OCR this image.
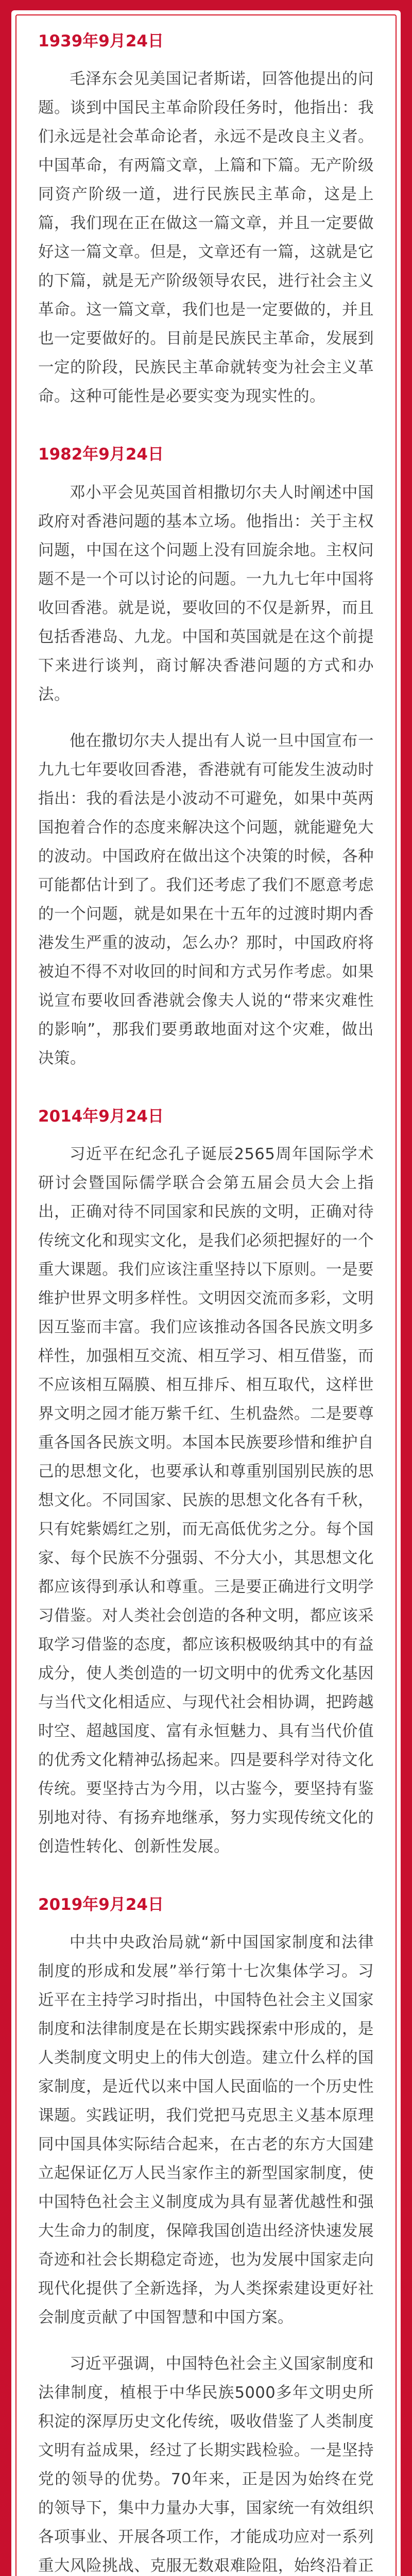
1939年9月24日

毛泽东会见美国记者斯诺，回答他提出的问题。谈到中国民主革命阶段任务时，他指出：我们永远是社会革命论者，永远不是改良主义者。中国革命，有两篇文章，上篇和下篇。无产阶级同资产阶级一道，进行民族民主革命，这是上篇，我们现在正在做这一篇文章，并且一定要做好这一篇文章。但是，文章还有一篇，这就是它的下篇，就是无产阶级领导农民，进行社会主义革命。这一篇文章，我们也是一定要做的，并且也一定要做好的。目前是民族民主革命，发展到一定的阶段，民族民主革命就转变为社会主义革命。这种可能性是必要实变为现实性的。

1982年9月24日

邓小平会见英国首相撒切尔夫人时阐述中国政府对香港问题的基本立场。他指出：关于主权问题，中国在这个问题上没有回旋余地。主权问题不是一个可以讨论的问题。一九九七年中国将收回香港。就是说，要收回的不仅是新界，而且包括香港岛、九龙。中国和英国就是在这个前提下来进行谈判，商讨解决香港问题的方式和办法。

他在撒切尔夫人提出有人说一旦中国宣布一九九七年要收回香港，香港就有可能发生波动时指出：我的看法是小波动不可避免，如果中英两国抱着合作的态度来解决这个问题，就能避免大的波动。中国政府在做出这个决策的时候，各种可能都估计到了。我们还考虑了我们不愿意考虑的一个问题，就是如果在十五年的过渡时期内香港发生严重的波动，怎么办？那时，中国政府将被迫不得不对收回的时间和方式另作考虑。如果说宣布要收回香港就会像夫人说的“带来灾难性的影响”，那我们要勇敢地面对这个灾难，做出决策。

2014年9月24日

习近平在纪念孔子诞辰2565周年国际学术研讨会暨国际儒学联合会第五届会员大会上指出，正确对待不同国家和民族的文明，正确对待传统文化和现实文化，是我们必须把握好的一个重大课题。我们应该注重坚持以下原则。一是要维护世界文明多样性。文明因交流而多彩，文明因互鉴而丰富。我们应该推动各国各民族文明多样性，加强相互交流、相互学习、相互借鉴，而不应该相互隔膜、相互排斥、相互取代，这样世界文明之园才能万紫千红、生机盎然。二是要尊重各国各民族文明。本国本民族要珍惜和维护自己的思想文化，也要承认和尊重别国别民族的思想文化。不同国家、民族的思想文化各有千秋，只有姹紫嫣红之别，而无高低优劣之分。每个国家、每个民族不分强弱、不分大小，其思想文化都应该得到承认和尊重。三是要正确进行文明学习借鉴。对人类社会创造的各种文明，都应该采取学习借鉴的态度，都应该积极吸纳其中的有益成分，使人类创造的一切文明中的优秀文化基因与当代文化相适应、与现代社会相协调，把跨越时空、超越国度、富有永恒魅力、具有当代价值的优秀文化精神弘扬起来。四是要科学对待文化传统。要坚持古为今用，以古鉴今，要坚持有鉴别地对待、有扬弃地继承，努力实现传统文化的创造性转化、创新性发展。

2019年9月24日

中共中央政治局就“新中国国家制度和法律制度的形成和发展”举行第十七次集体学习。习近平在主持学习时指出，中国特色社会主义国家制度和法律制度是在长期实践探索中形成的，是人类制度文明史上的伟大创造。建立什么样的国家制度，是近代以来中国人民面临的一个历史性课题。实践证明，我们党把马克思主义基本原理同中国具体实际结合起来，在古老的东方大国建立起保证亿万人民当家作主的新型国家制度，使中国特色社会主义制度成为具有显著优越性和强大生命力的制度，保障我国创造出经济快速发展奇迹和社会长期稳定奇迹，也为发展中国家走向现代化提供了全新选择，为人类探索建设更好社会制度贡献了中国智慧和中国方案。

习近平强调，中国特色社会主义国家制度和法律制度，植根于中华民族5000多年文明史所积淀的深厚历史文化传统，吸收借鉴了人类制度文明有益成果，经过了长期实践检验。一是坚持党的领导的优势。70年来，正是因为始终在党的领导下，集中力量办大事，国家统一有效组织各项事业、开展各项工作，才能成功应对一系列重大风险挑战、克服无数艰难险阻，始终沿着正
